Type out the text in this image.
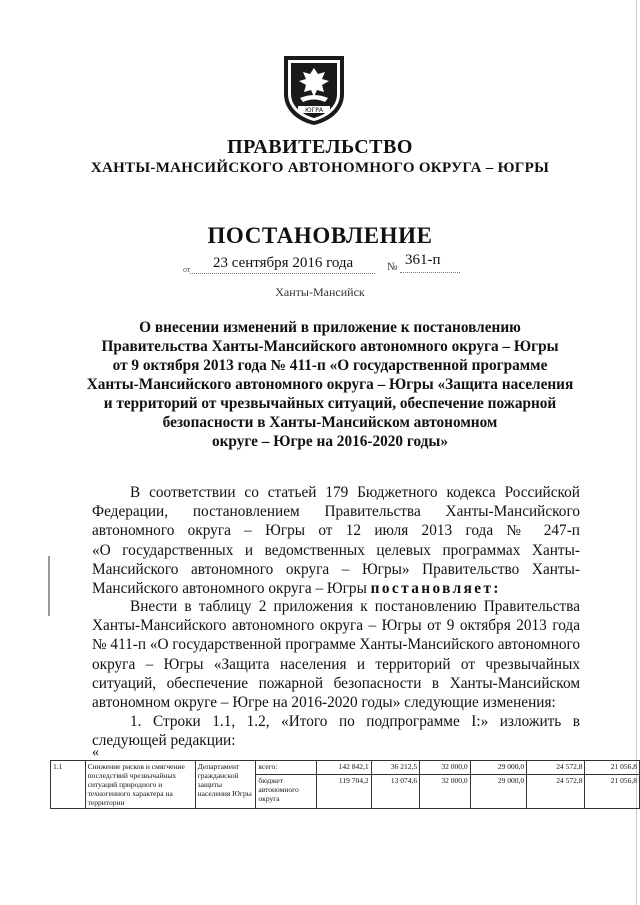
ЮГРА
ПРАВИТЕЛЬСТВО
ХАНТЫ-МАНСИЙСКОГО АВТОНОМНОГО ОКРУГА – ЮГРЫ
ПОСТАНОВЛЕНИЕ
от 23 сентября 2016 года	№ 361-п
Ханты-Мансийск
О внесении изменений в приложение к постановлению
Правительства Ханты-Мансийского автономного округа – Югры
от 9 октября 2013 года № 411-п «О государственной программе
Ханты-Мансийского автономного округа – Югры «Защита населения
и территорий от чрезвычайных ситуаций, обеспечение пожарной
безопасности в Ханты-Мансийском автономном
округе – Югре на 2016-2020 годы»
В соответствии со статьей 179 Бюджетного кодекса Российской
Федерации, постановлением Правительства Ханты-Мансийского
автономного округа – Югры от 12 июля 2013 года № 247-п
«О государственных и ведомственных целевых программах Ханты-
Мансийского автономного округа – Югры» Правительство Ханты-
Мансийского автономного округа – Югры постановляет:
Внести в таблицу 2 приложения к постановлению Правительства
Ханты-Мансийского автономного округа – Югры от 9 октября 2013 года
№ 411-п «О государственной программе Ханты-Мансийского автономного
округа – Югры «Защита населения и территорий от чрезвычайных
ситуаций, обеспечение пожарной безопасности в Ханты-Мансийском
автономном округе – Югре на 2016-2020 годы» следующие изменения:
1. Строки 1.1, 1.2, «Итого по подпрограмме I:» изложить в
следующей редакции:
«
1.1	Снижение рисков и смягчение последствий чрезвычайных ситуаций природного и техногенного характера на территории	Департамент гражданской защиты населения Югры	всего:	142 842,1	36 212,5	32 000,0	29 000,0	24 572,8	21 056,8
			бюджет автономного округа	119 704,2	13 074,6	32 000,0	29 000,0	24 572,8	21 056,8
